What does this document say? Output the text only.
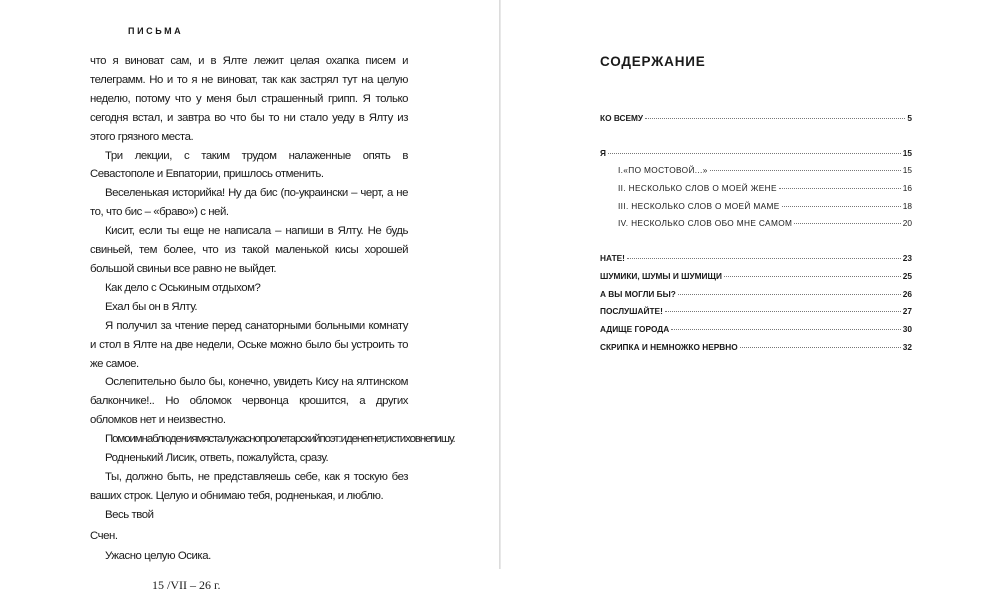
ПИСЬМА

что я виноват сам, и в Ялте лежит целая охапка писем и телеграмм. Но и то я не виноват, так как застрял тут на целую неделю, потому что у меня был страшенный грипп. Я только сегодня встал, и завтра во что бы то ни стало уеду в Ялту из этого грязного места.

Три лекции, с таким трудом налаженные опять в Севастополе и Евпатории, пришлось отменить.

Веселенькая историйка! Ну да бис (по-украински – черт, а не то, что бис – «браво») с ней.

Кисит, если ты еще не написала – напиши в Ялту. Не будь свиньей, тем более, что из такой маленькой кисы хорошей большой свиньи все равно не выйдет.

Как дело с Оськиным отдыхом?

Ехал бы он в Ялту.

Я получил за чтение перед санаторными больными комнату и стол в Ялте на две недели, Оське можно было бы устроить то же самое.

Ослепительно было бы, конечно, увидеть Кису на ялтинском балкончике!.. Но обломок червонца крошится, а других обломков нет и неизвестно.

Помоимнаблюдениямясталужаснопролетарскийпоэт:иденегнет,истиховнепишу.

Родненький Лисик, ответь, пожалуйста, сразу.

Ты, должно быть, не представляешь себе, как я тоскую без ваших строк. Целую и обнимаю тебя, родненькая, и люблю.

Весь твой

Счен.

Ужасно целую Осика.

15 /VII – 26 г.

СОДЕРЖАНИЕ
КО ВСЕМУ	5
Я	15
I.«ПО МОСТОВОЙ...»	15
II. НЕСКОЛЬКО СЛОВ О МОЕЙ ЖЕНЕ	16
III. НЕСКОЛЬКО СЛОВ О МОЕЙ МАМЕ	18
IV. НЕСКОЛЬКО СЛОВ ОБО МНЕ САМОМ	20
НАТЕ!	23
ШУМИКИ, ШУМЫ И ШУМИЩИ	25
А ВЫ МОГЛИ БЫ?	26
ПОСЛУШАЙТЕ!	27
АДИЩЕ ГОРОДА	30
СКРИПКА И НЕМНОЖКО НЕРВНО	32
